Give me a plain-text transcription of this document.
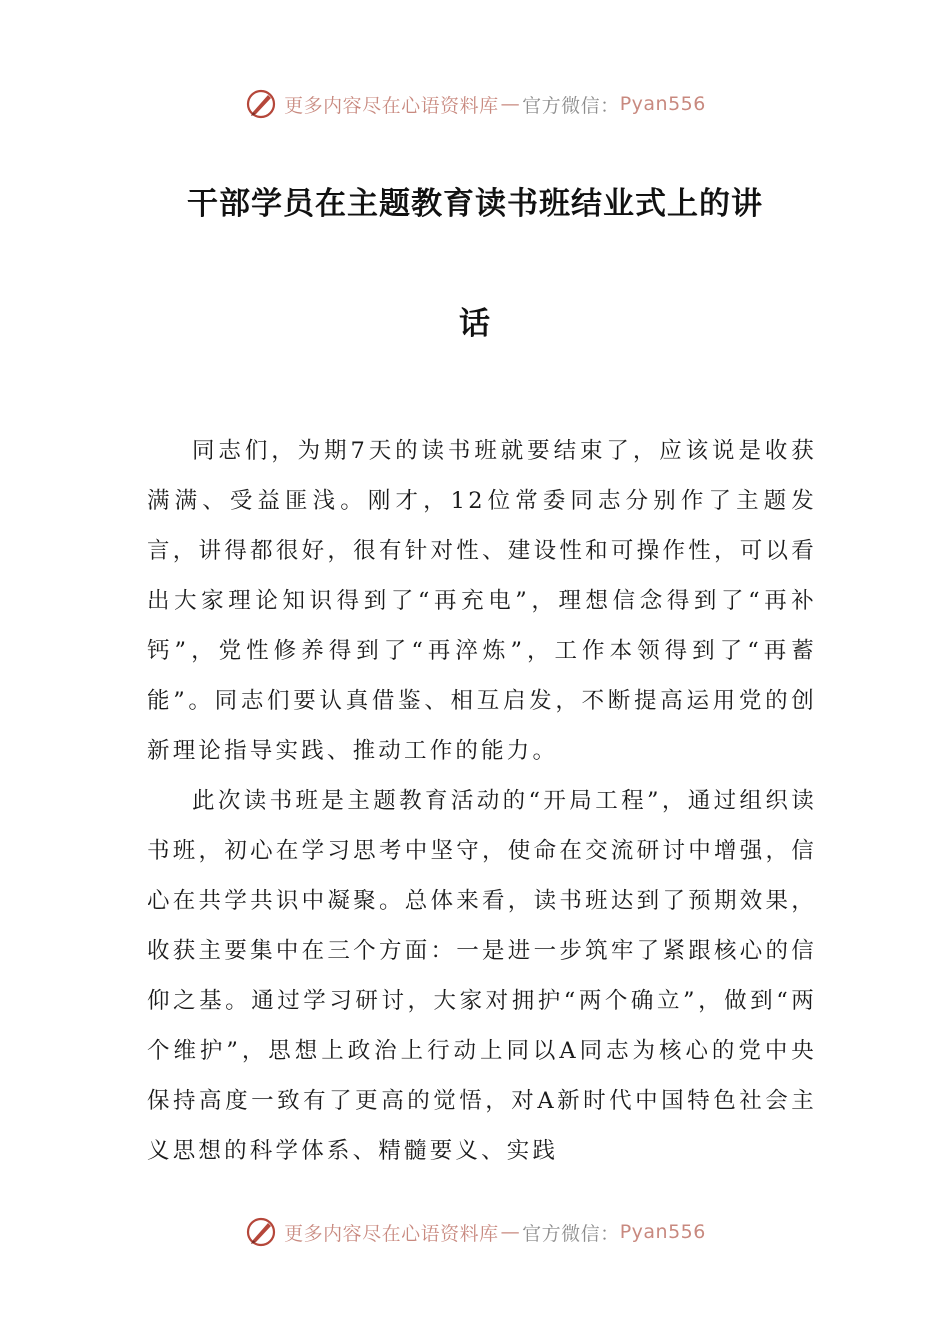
更多内容尽在心语资料库 — 官方微信： Pyan556
干部学员在主题教育读书班结业式上的讲
话

同志们，为期7天的读书班就要结束了，应该说是收获满满、受益匪浅。刚才，12位常委同志分别作了主题发言，讲得都很好，很有针对性、建设性和可操作性，可以看出大家理论知识得到了“再充电”，理想信念得到了“再补钙”，党性修养得到了“再淬炼”，工作本领得到了“再蓄能”。同志们要认真借鉴、相互启发，不断提高运用党的创新理论指导实践、推动工作的能力。

此次读书班是主题教育活动的“开局工程”，通过组织读书班，初心在学习思考中坚守，使命在交流研讨中增强，信心在共学共识中凝聚。总体来看，读书班达到了预期效果，收获主要集中在三个方面：一是进一步筑牢了紧跟核心的信仰之基。通过学习研讨，大家对拥护“两个确立”，做到“两个维护”，思想上政治上行动上同以A同志为核心的党中央保持高度一致有了更高的觉悟，对A新时代中国特色社会主义思想的科学体系、精髓要义、实践

更多内容尽在心语资料库 — 官方微信： Pyan556
